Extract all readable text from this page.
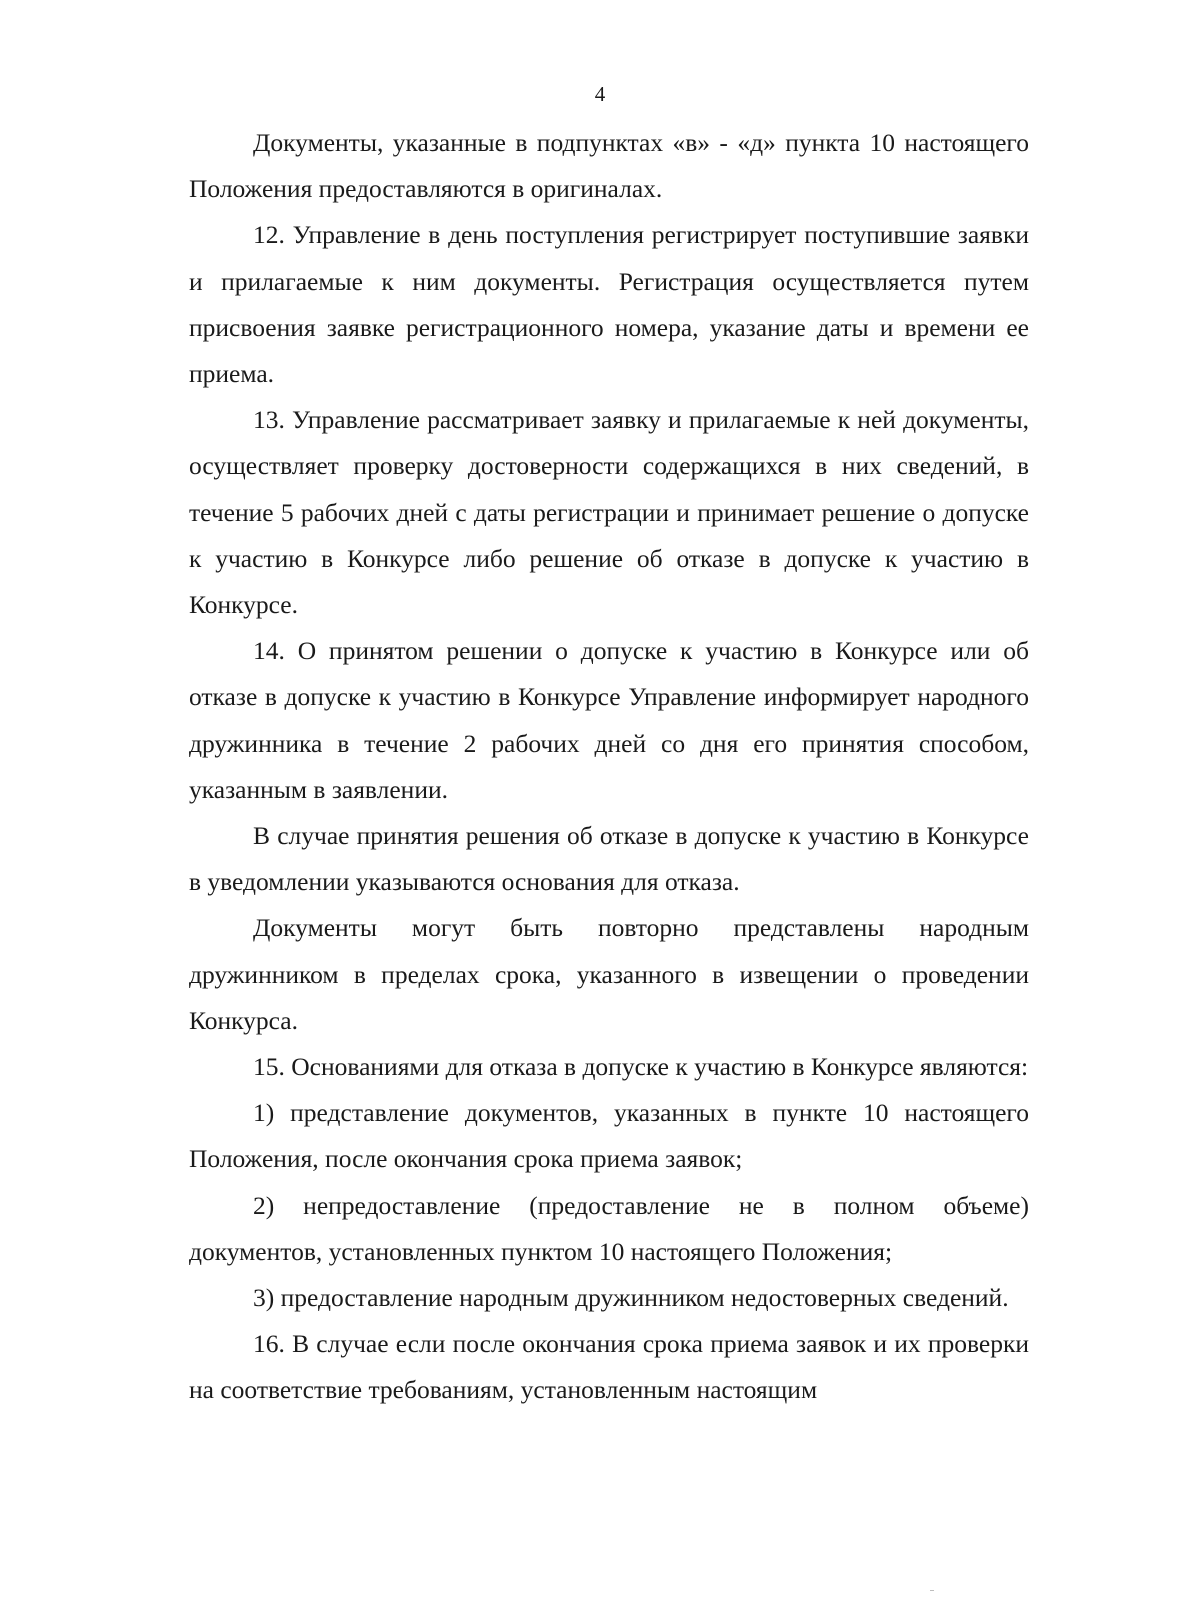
4

Документы, указанные в подпунктах «в» - «д» пункта 10 настоящего Положения предоставляются в оригиналах.

12. Управление в день поступления регистрирует поступившие заявки и прилагаемые к ним документы. Регистрация осуществляется путем присвоения заявке регистрационного номера, указание даты и времени ее приема.

13. Управление рассматривает заявку и прилагаемые к ней документы, осуществляет проверку достоверности содержащихся в них сведений, в течение 5 рабочих дней с даты регистрации и принимает решение о допуске к участию в Конкурсе либо решение об отказе в допуске к участию в Конкурсе.

14. О принятом решении о допуске к участию в Конкурсе или об отказе в допуске к участию в Конкурсе Управление информирует народного дружинника в течение 2 рабочих дней со дня его принятия способом, указанным в заявлении.

В случае принятия решения об отказе в допуске к участию в Конкурсе в уведомлении указываются основания для отказа.

Документы могут быть повторно представлены народным дружинником в пределах срока, указанного в извещении о проведении Конкурса.

15. Основаниями для отказа в допуске к участию в Конкурсе являются:

1) представление документов, указанных в пункте 10 настоящего Положения, после окончания срока приема заявок;

2) непредоставление (предоставление не в полном объеме) документов, установленных пунктом 10 настоящего Положения;

3) предоставление народным дружинником недостоверных сведений.

16. В случае если после окончания срока приема заявок и их проверки на соответствие требованиям, установленным настоящим
